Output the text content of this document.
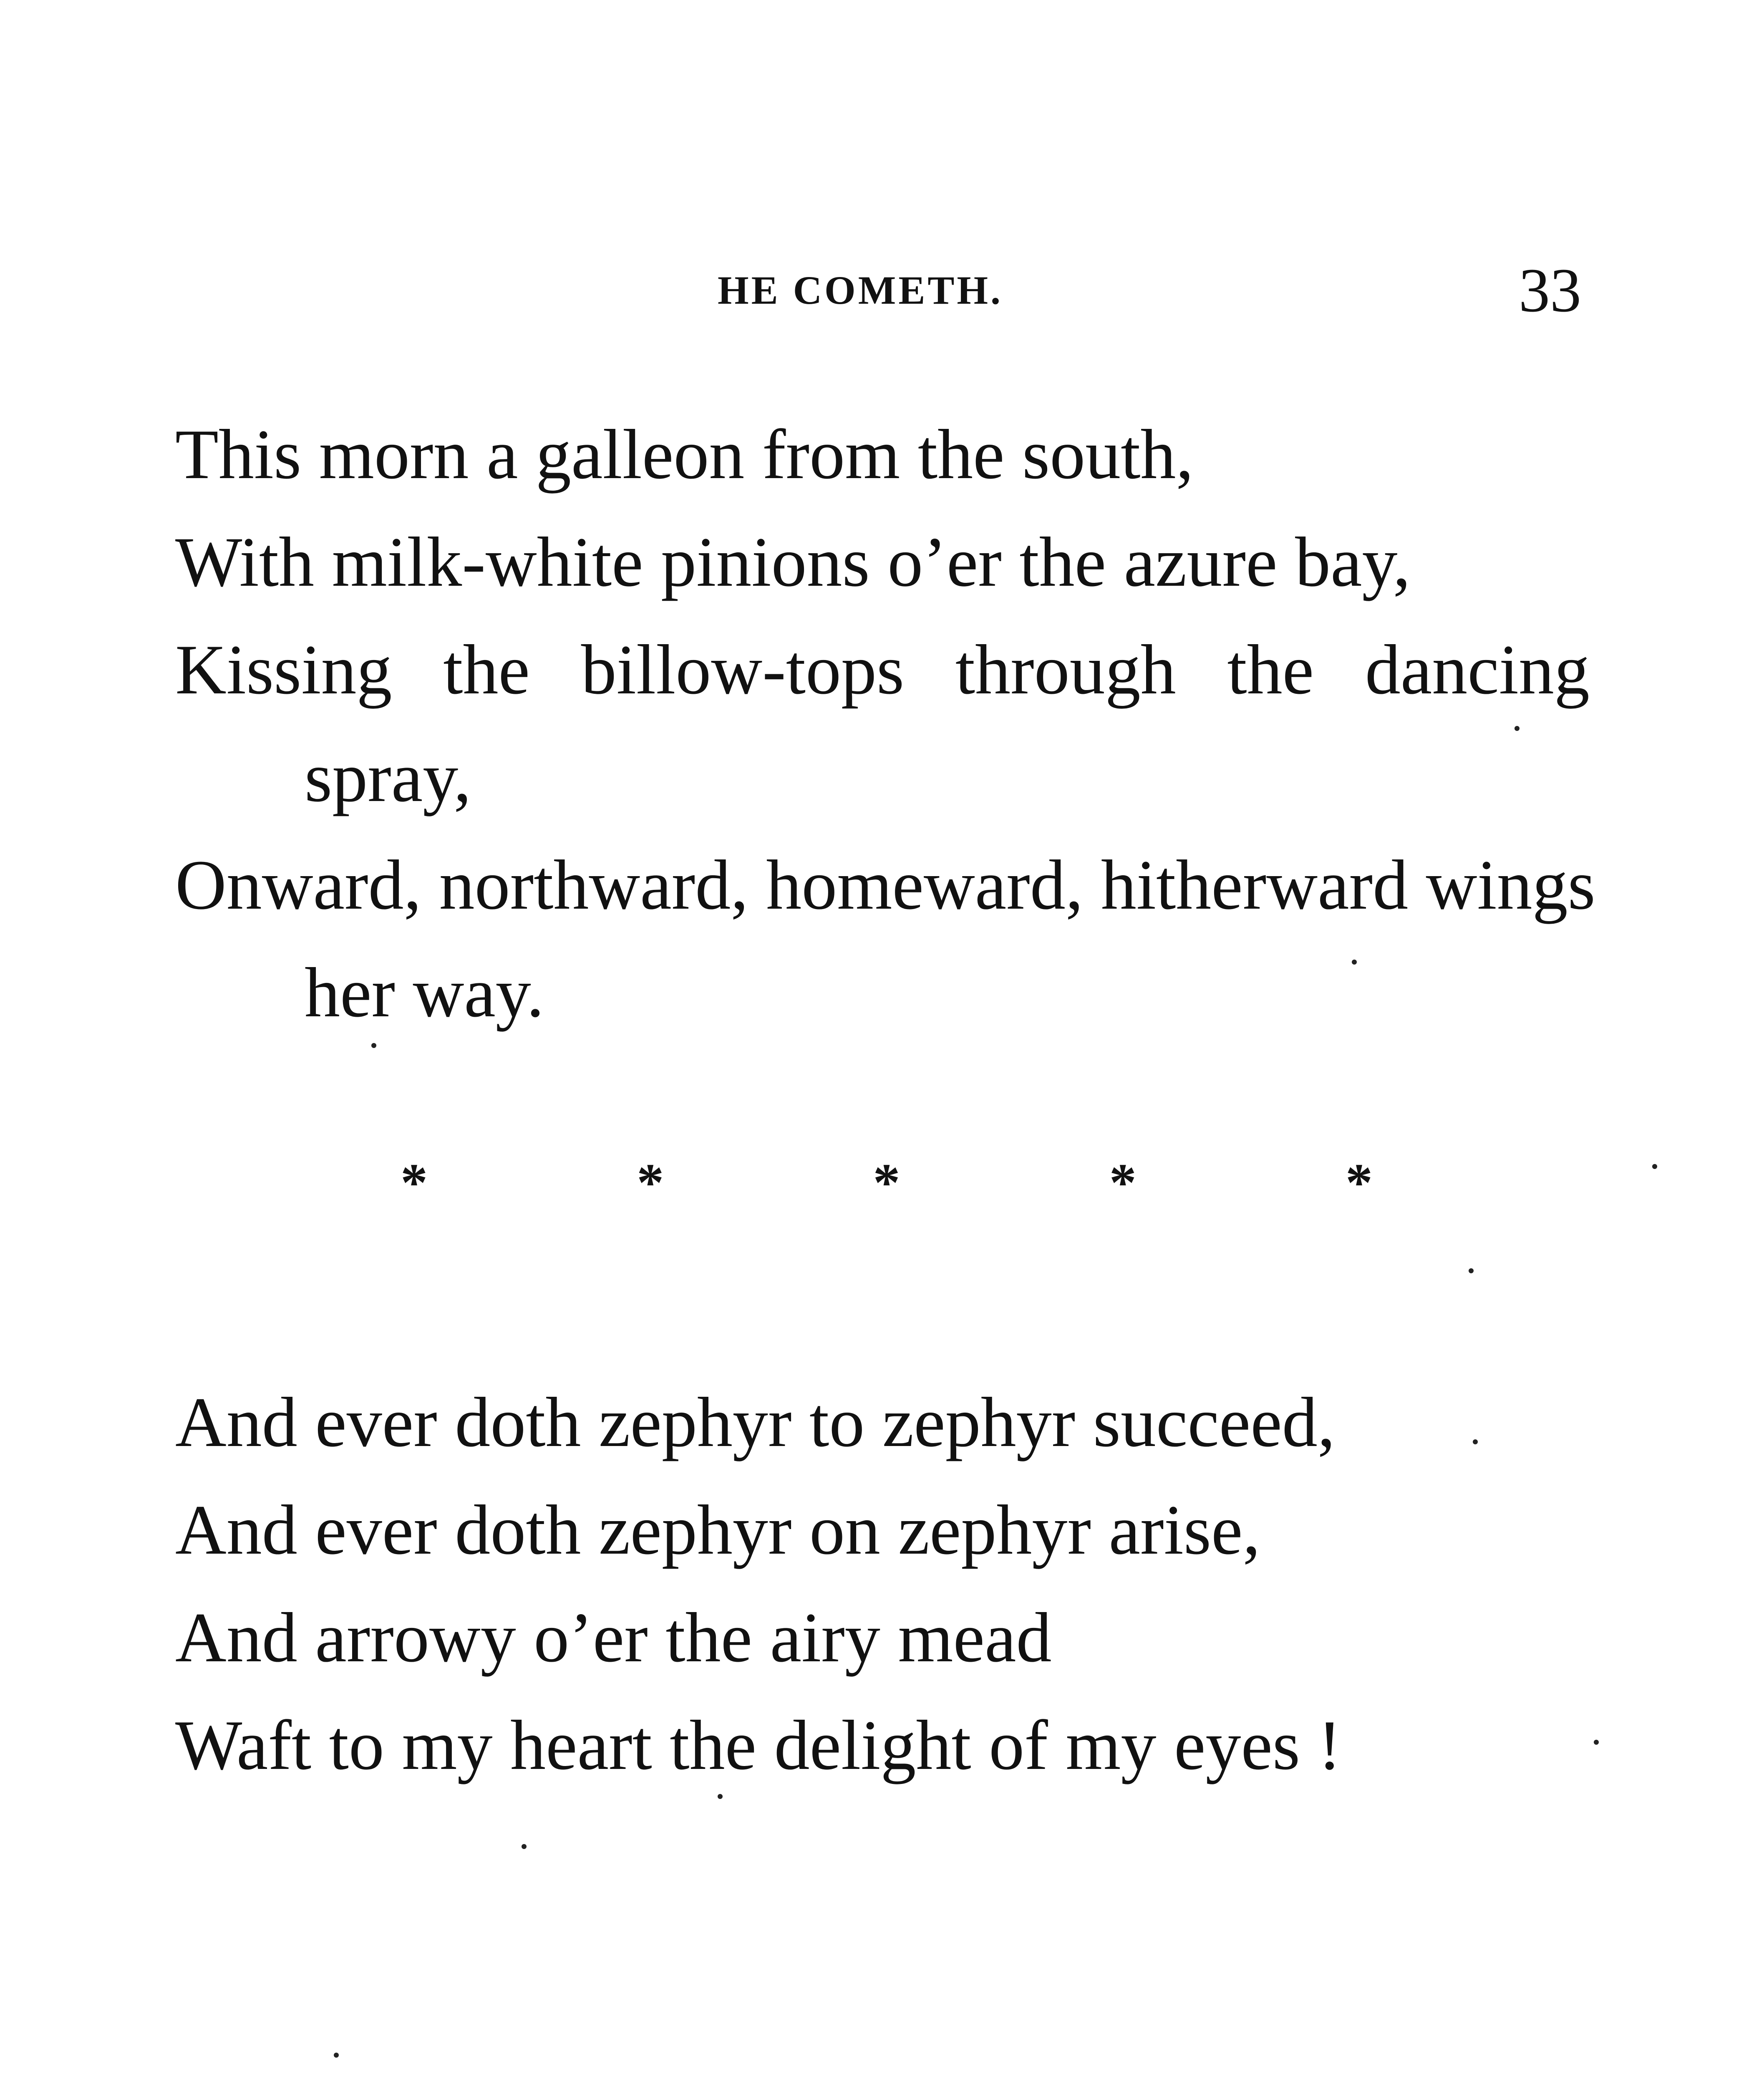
HE COMETH.	33
This morn a galleon from the south,
With milk-white pinions o’er the azure bay,
Kissing the billow-tops through the dancing
spray,
Onward, northward, homeward, hitherward wings
her way.
*	*	*	*	*
And ever doth zephyr to zephyr succeed,
And ever doth zephyr on zephyr arise,
And arrowy o’er the airy mead
Waft to my heart the delight of my eyes !
